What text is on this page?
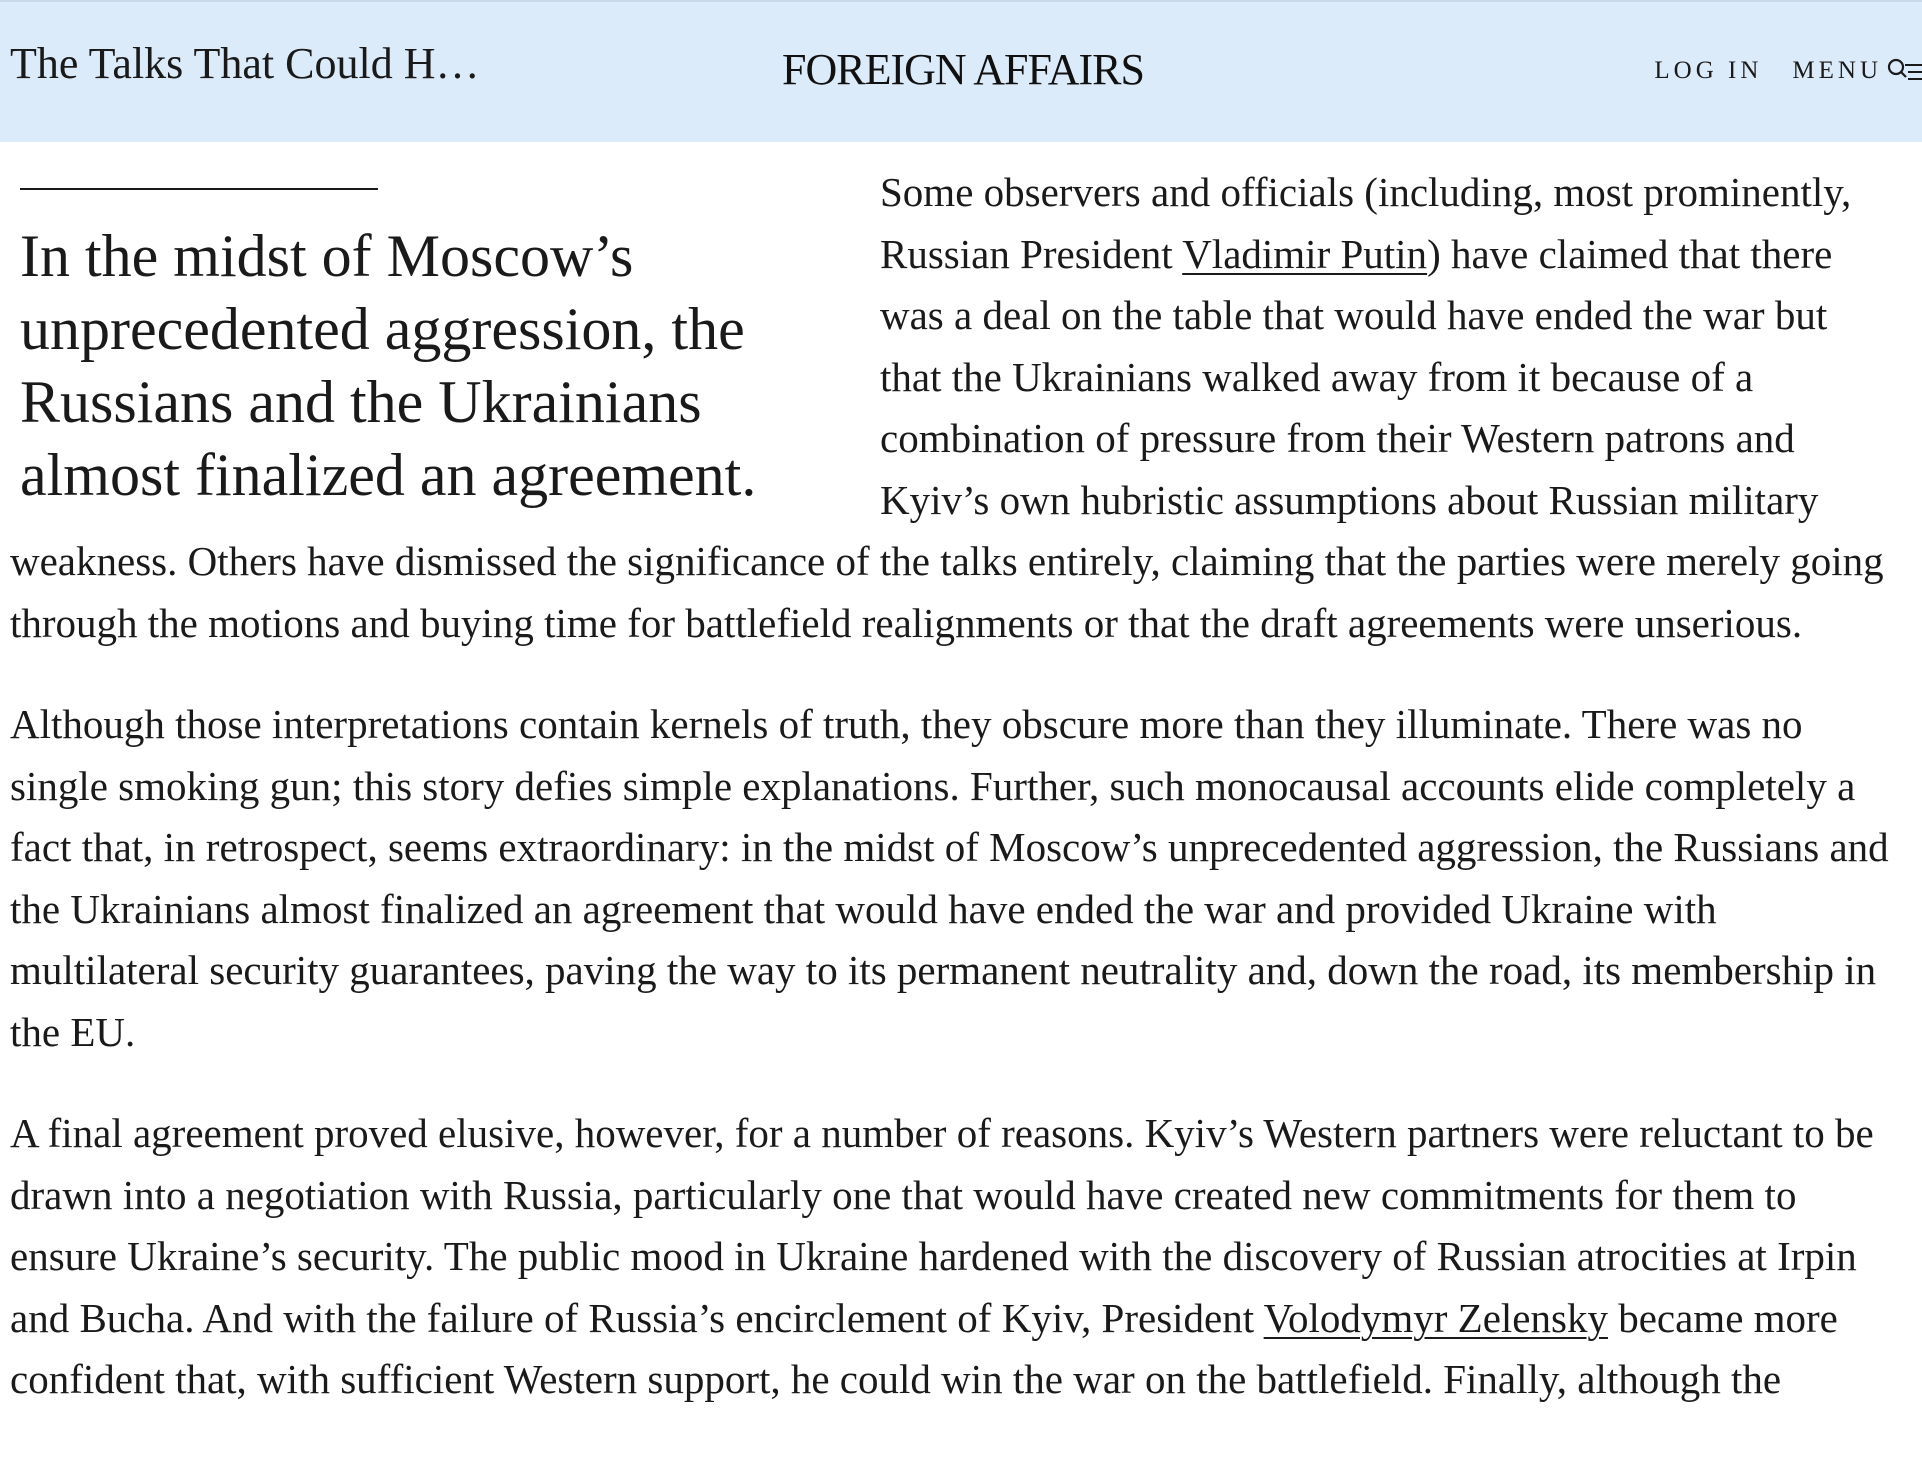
The Talks That Could H…	FOREIGN AFFAIRS	LOG IN MENU

In the midst of Moscow’s unprecedented aggression, the Russians and the Ukrainians almost finalized an agreement.

Some observers and officials (including, most prominently, Russian President Vladimir Putin) have claimed that there was a deal on the table that would have ended the war but that the Ukrainians walked away from it because of a combination of pressure from their Western patrons and Kyiv’s own hubristic assumptions about Russian military weakness. Others have dismissed the significance of the talks entirely, claiming that the parties were merely going through the motions and buying time for battlefield realignments or that the draft agreements were unserious.

Although those interpretations contain kernels of truth, they obscure more than they illuminate. There was no single smoking gun; this story defies simple explanations. Further, such monocausal accounts elide completely a fact that, in retrospect, seems extraordinary: in the midst of Moscow’s unprecedented aggression, the Russians and the Ukrainians almost finalized an agreement that would have ended the war and provided Ukraine with multilateral security guarantees, paving the way to its permanent neutrality and, down the road, its membership in the EU.

A final agreement proved elusive, however, for a number of reasons. Kyiv’s Western partners were reluctant to be drawn into a negotiation with Russia, particularly one that would have created new commitments for them to ensure Ukraine’s security. The public mood in Ukraine hardened with the discovery of Russian atrocities at Irpin and Bucha. And with the failure of Russia’s encirclement of Kyiv, President Volodymyr Zelensky became more confident that, with sufficient Western support, he could win the war on the battlefield. Finally, although the
